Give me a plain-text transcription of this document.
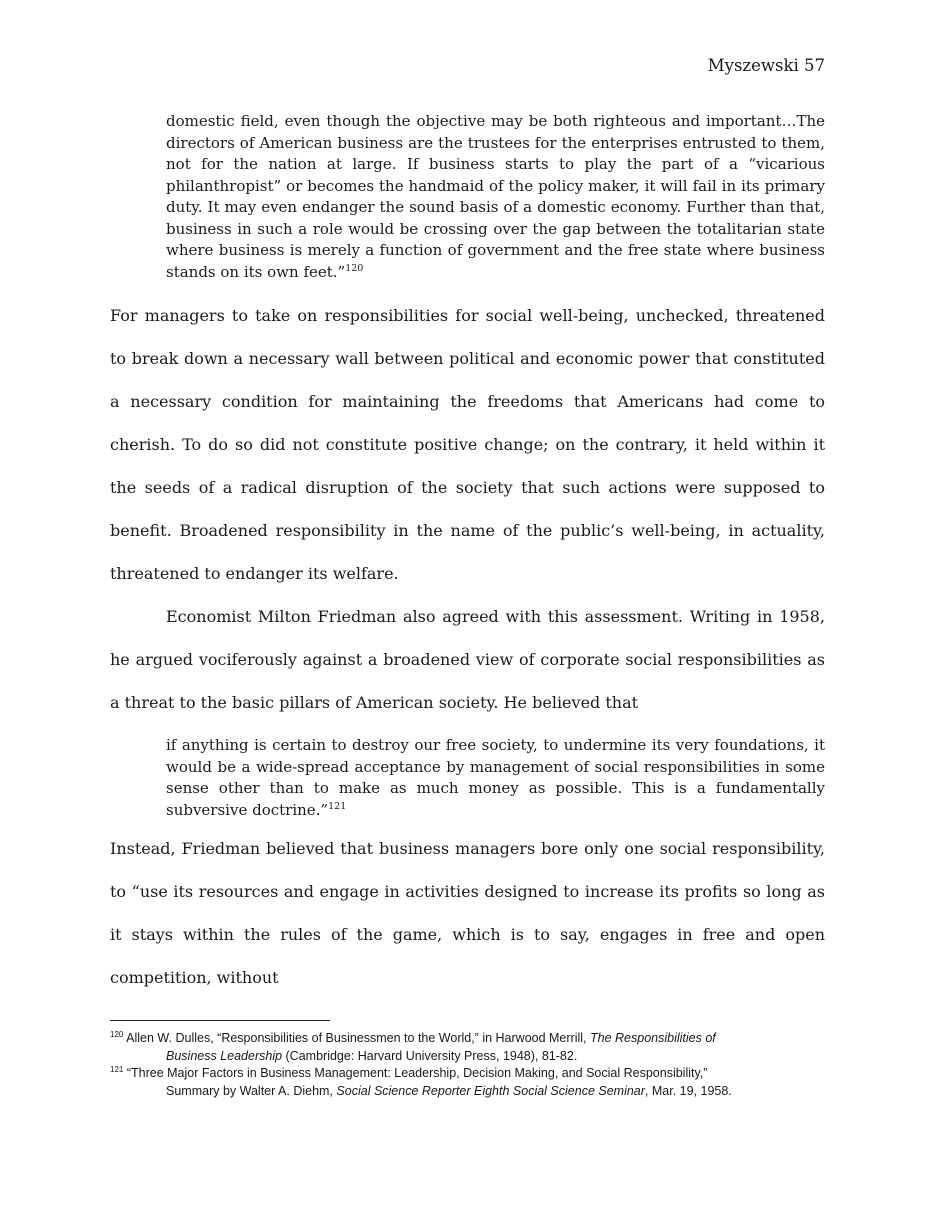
Myszewski 57
domestic field, even though the objective may be both righteous and important…The directors of American business are the trustees for the enterprises entrusted to them, not for the nation at large. If business starts to play the part of a “vicarious philanthropist” or becomes the handmaid of the policy maker, it will fail in its primary duty. It may even endanger the sound basis of a domestic economy. Further than that, business in such a role would be crossing over the gap between the totalitarian state where business is merely a function of government and the free state where business stands on its own feet.”$^{120}$
For managers to take on responsibilities for social well-being, unchecked, threatened to break down a necessary wall between political and economic power that constituted a necessary condition for maintaining the freedoms that Americans had come to cherish. To do so did not constitute positive change; on the contrary, it held within it the seeds of a radical disruption of the society that such actions were supposed to benefit. Broadened responsibility in the name of the public’s well-being, in actuality, threatened to endanger its welfare.
Economist Milton Friedman also agreed with this assessment. Writing in 1958, he argued vociferously against a broadened view of corporate social responsibilities as a threat to the basic pillars of American society. He believed that
if anything is certain to destroy our free society, to undermine its very foundations, it would be a wide-spread acceptance by management of social responsibilities in some sense other than to make as much money as possible. This is a fundamentally subversive doctrine.”$^{121}$
Instead, Friedman believed that business managers bore only one social responsibility, to “use its resources and engage in activities designed to increase its profits so long as it stays within the rules of the game, which is to say, engages in free and open competition, without
$^{120}$ Allen W. Dulles, “Responsibilities of Businessmen to the World,” in Harwood Merrill, The Responsibilities of
Business Leadership (Cambridge: Harvard University Press, 1948), 81-82.
$^{121}$ “Three Major Factors in Business Management: Leadership, Decision Making, and Social Responsibility,”
Summary by Walter A. Diehm, Social Science Reporter Eighth Social Science Seminar, Mar. 19, 1958.
